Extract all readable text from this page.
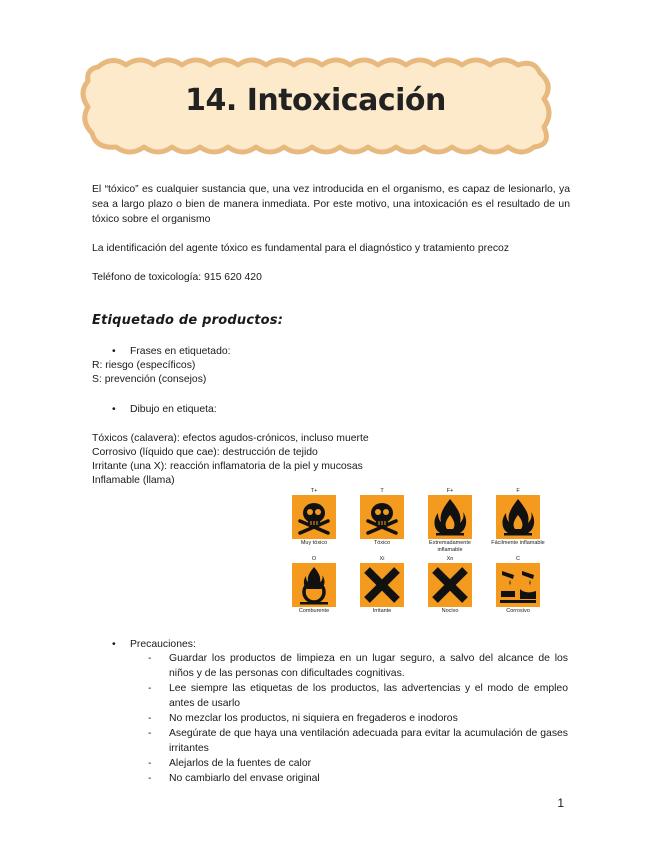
14. Intoxicación

El “tóxico” es cualquier sustancia que, una vez introducida en el organismo, es capaz de lesionarlo, ya sea a largo plazo o bien de manera inmediata. Por este motivo, una intoxicación es el resultado de un tóxico sobre el organismo

La identificación del agente tóxico es fundamental para el diagnóstico y tratamiento precoz

Teléfono de toxicología: 915 620 420

Etiquetado de productos:
• Frases en etiquetado:
R: riesgo (específicos)
S: prevención (consejos)
• Dibujo en etiqueta:
Tóxicos (calavera): efectos agudos-crónicos, incluso muerte
Corrosivo (líquido que cae): destrucción de tejido
Irritante (una X): reacción inflamatoria de la piel y mucosas
Inflamable (llama)
T+
Muy tóxico
T
Tóxico
F+
Extremadamente inflamable
F
Fácilmente inflamable
O
Comburente
Xi
Irritante
Xn
Nocivo
C
Corrosivo
• Precauciones:
- Guardar los productos de limpieza en un lugar seguro, a salvo del alcance de los niños y de las personas con dificultades cognitivas.
- Lee siempre las etiquetas de los productos, las advertencias y el modo de empleo antes de usarlo
- No mezclar los productos, ni siquiera en fregaderos e inodoros
- Asegúrate de que haya una ventilación adecuada para evitar la acumulación de gases irritantes
- Alejarlos de la fuentes de calor
- No cambiarlo del envase original
1
